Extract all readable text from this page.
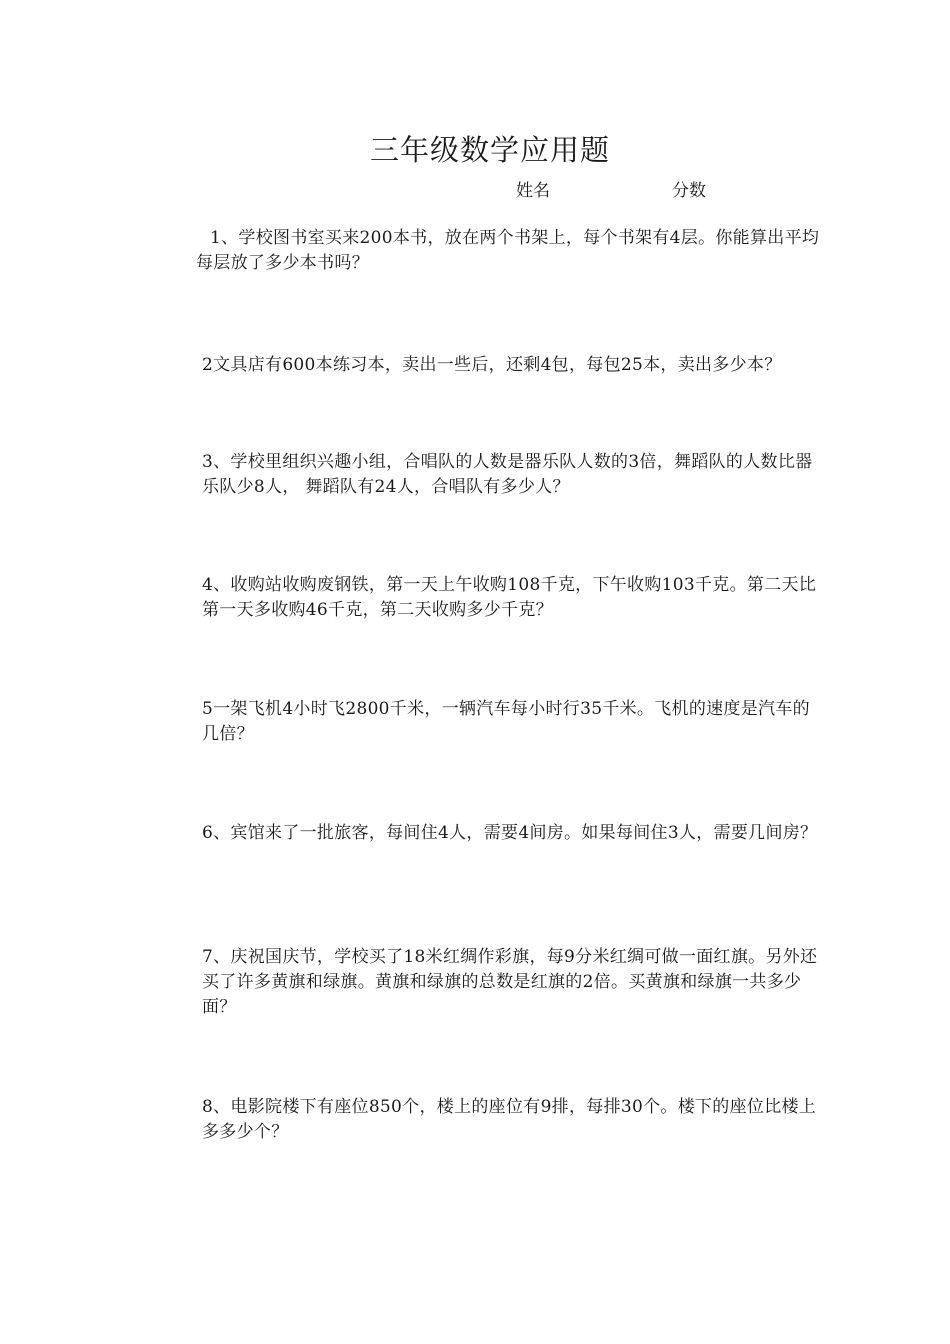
三年级数学应用题
姓名	分数
1、学校图书室买来200本书，放在两个书架上，每个书架有4层。你能算出平均每层放了多少本书吗？
2文具店有600本练习本，卖出一些后，还剩4包，每包25本，卖出多少本？
3、学校里组织兴趣小组，合唱队的人数是器乐队人数的3倍，舞蹈队的人数比器乐队少8人， 舞蹈队有24人，合唱队有多少人？
4、收购站收购废钢铁，第一天上午收购108千克，下午收购103千克。第二天比第一天多收购46千克，第二天收购多少千克？
5一架飞机4小时飞2800千米，一辆汽车每小时行35千米。飞机的速度是汽车的几倍？
6、宾馆来了一批旅客，每间住4人，需要4间房。如果每间住3人，需要几间房？
7、庆祝国庆节，学校买了18米红绸作彩旗，每9分米红绸可做一面红旗。另外还买了许多黄旗和绿旗。黄旗和绿旗的总数是红旗的2倍。买黄旗和绿旗一共多少面？
8、电影院楼下有座位850个，楼上的座位有9排，每排30个。楼下的座位比楼上多多少个？
